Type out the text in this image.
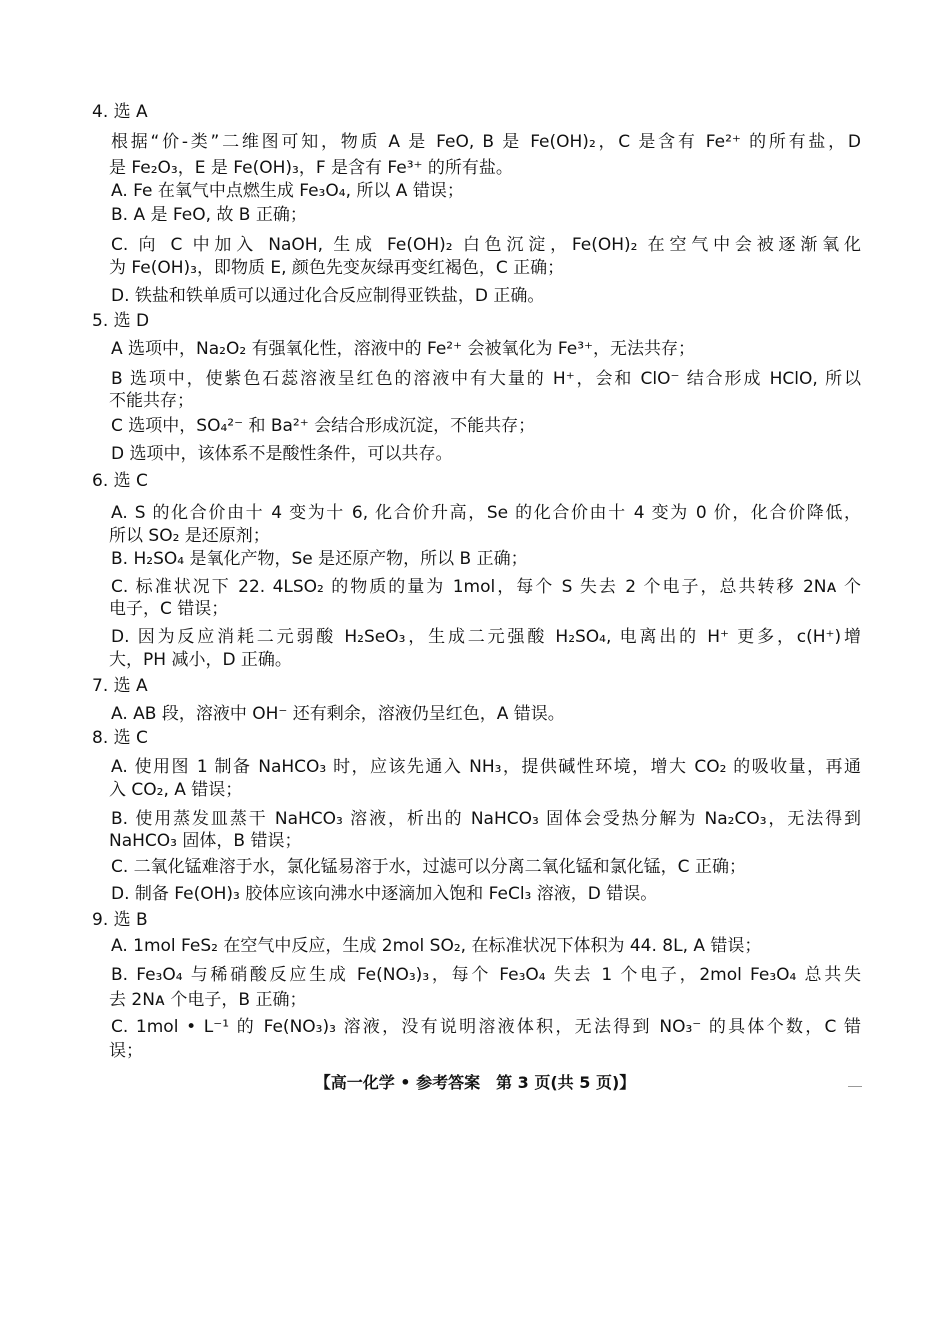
4. 选 A
根据“价-类”二维图可知，物质 A 是 FeO, B 是 Fe(OH)₂，C 是含有 Fe²⁺ 的所有盐，D
是 Fe₂O₃，E 是 Fe(OH)₃，F 是含有 Fe³⁺ 的所有盐。
A. Fe 在氧气中点燃生成 Fe₃O₄, 所以 A 错误；
B. A 是 FeO, 故 B 正确；
C. 向 C 中加入 NaOH, 生成 Fe(OH)₂ 白色沉淀，Fe(OH)₂ 在空气中会被逐渐氧化
为 Fe(OH)₃，即物质 E, 颜色先变灰绿再变红褐色，C 正确；
D. 铁盐和铁单质可以通过化合反应制得亚铁盐，D 正确。
5. 选 D
A 选项中，Na₂O₂ 有强氧化性，溶液中的 Fe²⁺ 会被氧化为 Fe³⁺，无法共存；
B 选项中，使紫色石蕊溶液呈红色的溶液中有大量的 H⁺，会和 ClO⁻ 结合形成 HClO, 所以
不能共存；
C 选项中，SO₄²⁻ 和 Ba²⁺ 会结合形成沉淀，不能共存；
D 选项中，该体系不是酸性条件，可以共存。
6. 选 C
A. S 的化合价由十 4 变为十 6, 化合价升高，Se 的化合价由十 4 变为 0 价，化合价降低，
所以 SO₂ 是还原剂；
B. H₂SO₄ 是氧化产物，Se 是还原产物，所以 B 正确；
C. 标准状况下 22. 4LSO₂ 的物质的量为 1mol，每个 S 失去 2 个电子，总共转移 2Nᴀ 个
电子，C 错误；
D. 因为反应消耗二元弱酸 H₂SeO₃，生成二元强酸 H₂SO₄, 电离出的 H⁺ 更多，c(H⁺)增
大，PH 减小，D 正确。
7. 选 A
A. AB 段，溶液中 OH⁻ 还有剩余，溶液仍呈红色，A 错误。
8. 选 C
A. 使用图 1 制备 NaHCO₃ 时，应该先通入 NH₃，提供碱性环境，增大 CO₂ 的吸收量，再通
入 CO₂, A 错误；
B. 使用蒸发皿蒸干 NaHCO₃ 溶液，析出的 NaHCO₃ 固体会受热分解为 Na₂CO₃，无法得到
NaHCO₃ 固体，B 错误；
C. 二氧化锰难溶于水，氯化锰易溶于水，过滤可以分离二氧化锰和氯化锰，C 正确；
D. 制备 Fe(OH)₃ 胶体应该向沸水中逐滴加入饱和 FeCl₃ 溶液，D 错误。
9. 选 B
A. 1mol FeS₂ 在空气中反应，生成 2mol SO₂, 在标准状况下体积为 44. 8L, A 错误；
B. Fe₃O₄ 与稀硝酸反应生成 Fe(NO₃)₃，每个 Fe₃O₄ 失去 1 个电子，2mol Fe₃O₄ 总共失
去 2Nᴀ 个电子，B 正确；
C. 1mol • L⁻¹ 的 Fe(NO₃)₃ 溶液，没有说明溶液体积，无法得到 NO₃⁻ 的具体个数，C 错
误；
【高一化学 • 参考答案　第 3 页(共 5 页)】
